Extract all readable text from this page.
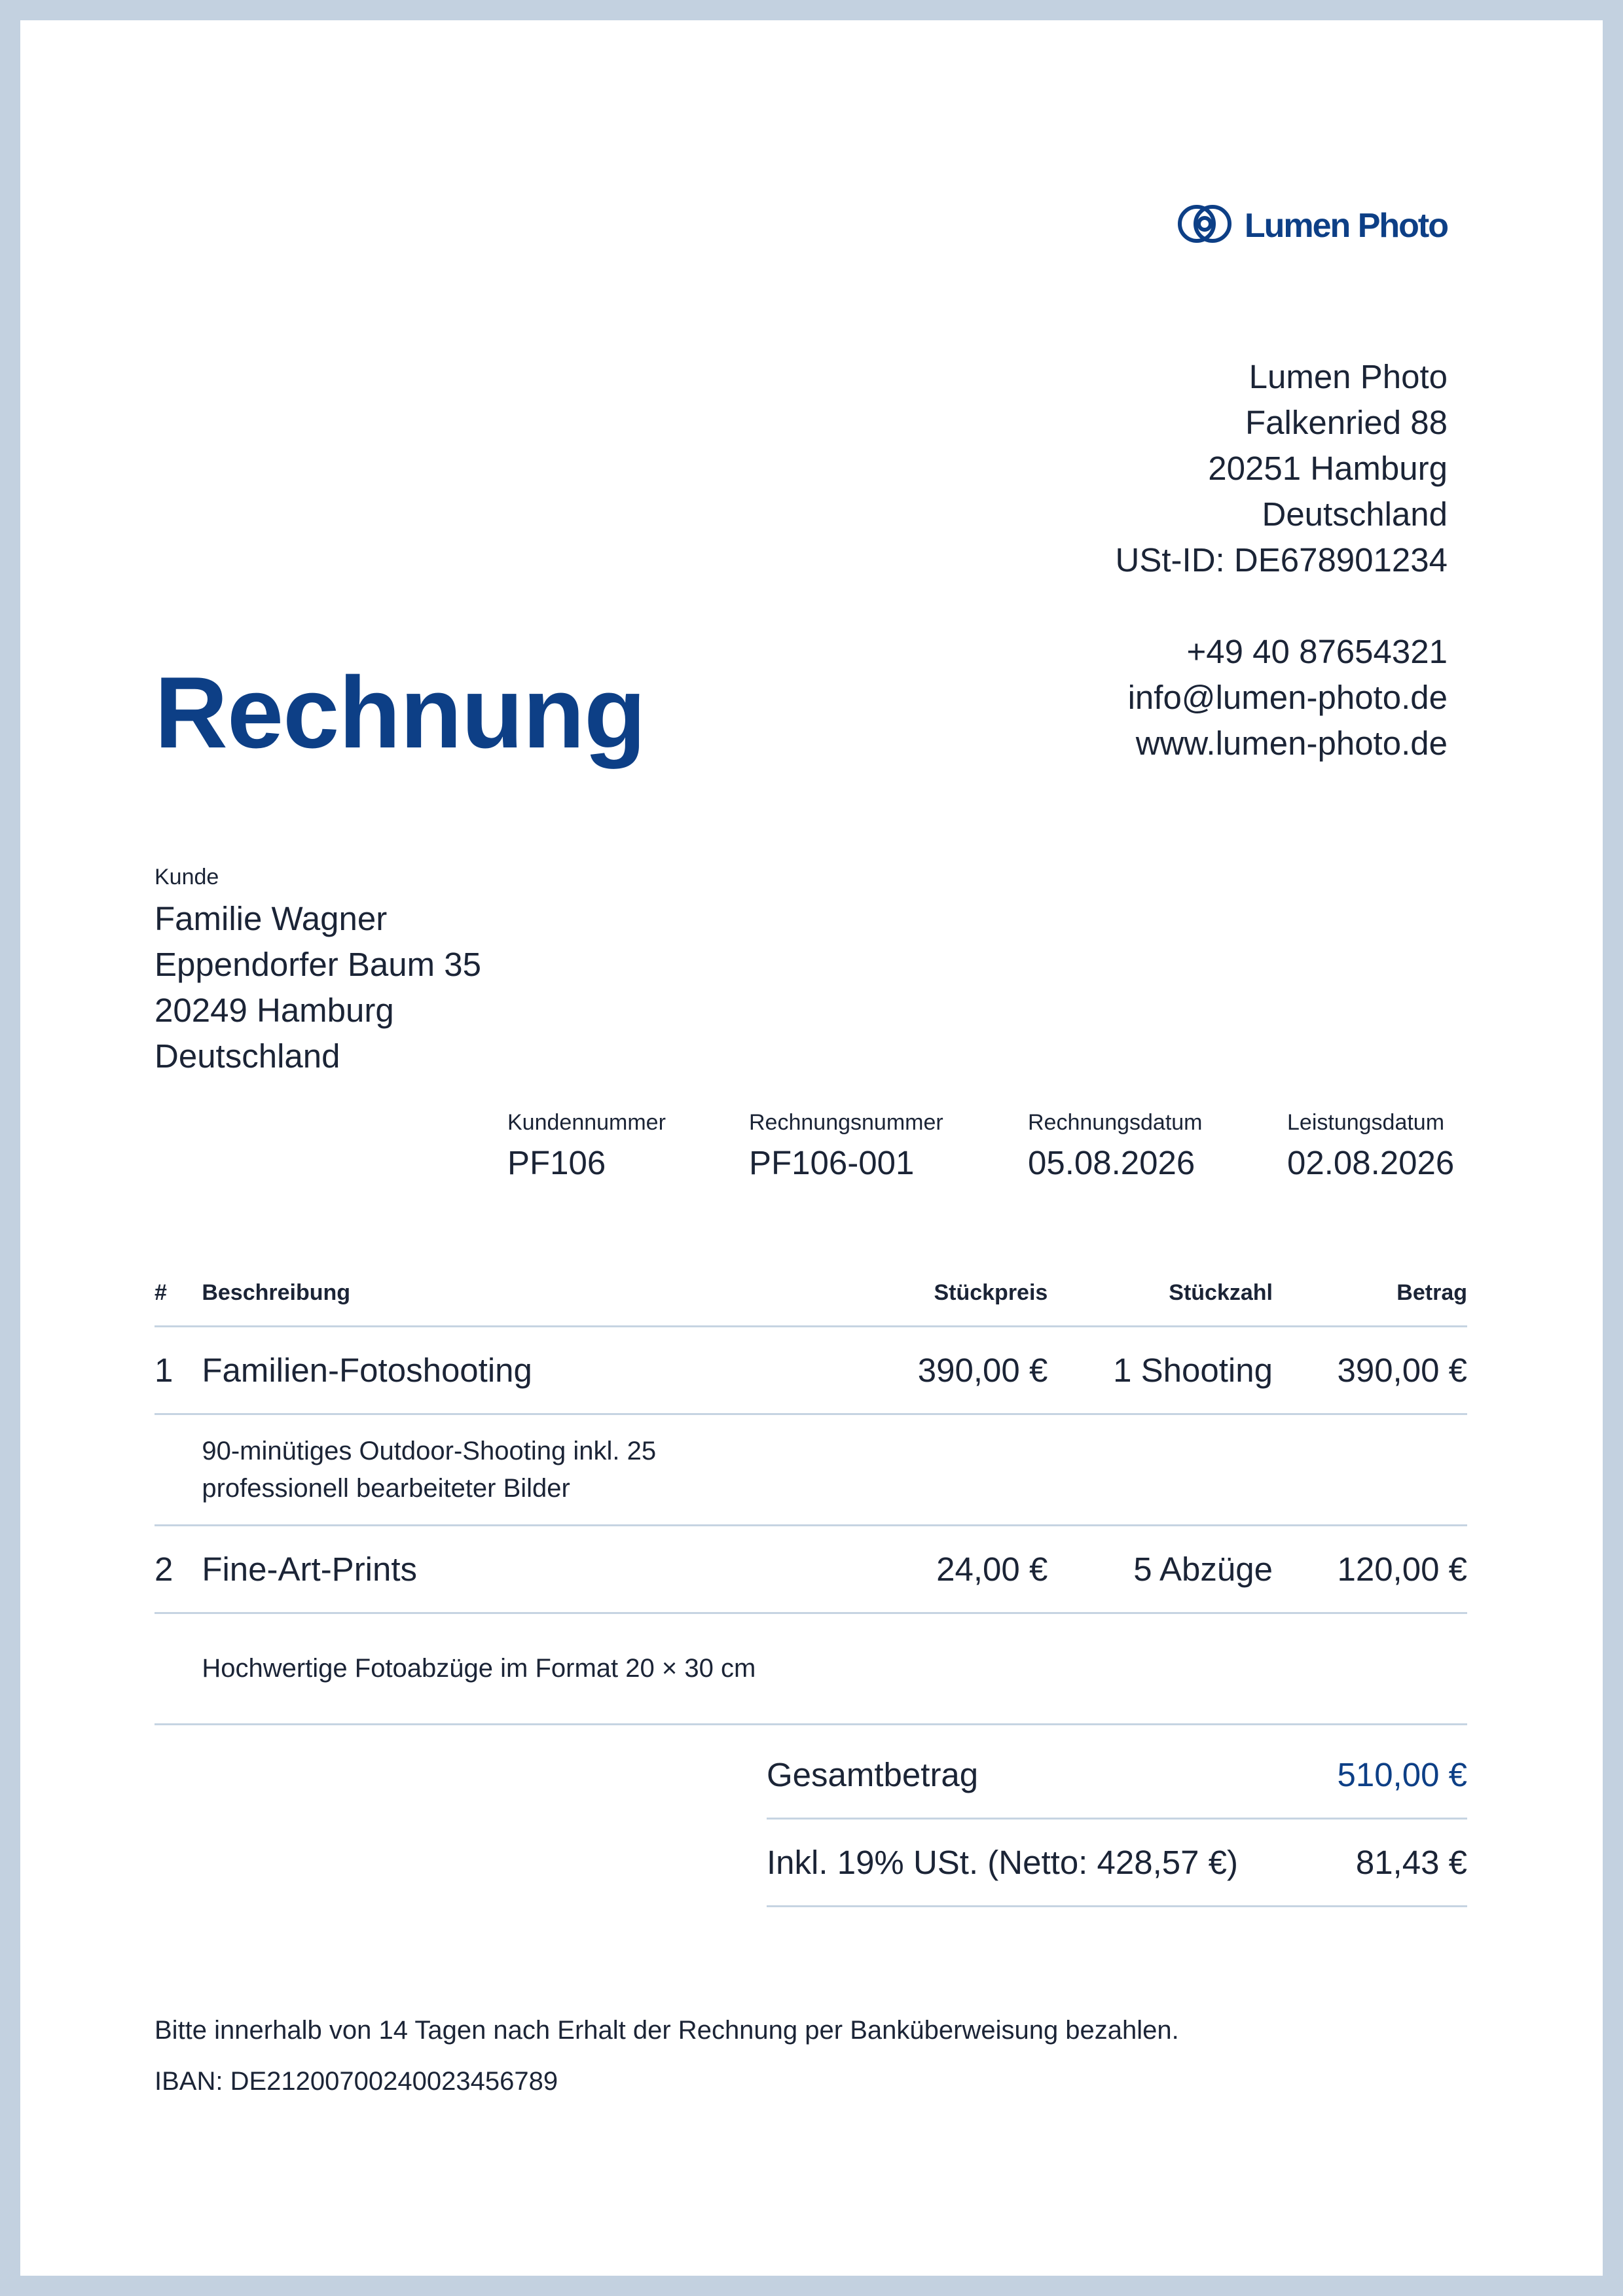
Lumen Photo
Lumen Photo
Falkenried 88
20251 Hamburg
Deutschland
USt-ID: DE678901234
+49 40 87654321
info@lumen-photo.de
www.lumen-photo.de
Rechnung
Kunde
Familie Wagner
Eppendorfer Baum 35
20249 Hamburg
Deutschland
Kundennummer
PF106
Rechnungsnummer
PF106-001
Rechnungsdatum
05.08.2026
Leistungsdatum
02.08.2026
#	Beschreibung	Stückpreis	Stückzahl	Betrag
1	Familien-Fotoshooting	390,00 €	1 Shooting	390,00 €

	90-minütiges Outdoor-Shooting inkl. 25 professionell bearbeiteter Bilder			

2	Fine-Art-Prints	24,00 €	5 Abzüge	120,00 €

	Hochwertige Fotoabzüge im Format 20 × 30 cm			

Gesamtbetrag	510,00 €
Inkl. 19% USt. (Netto: 428,57 €)	81,43 €
Bitte innerhalb von 14 Tagen nach Erhalt der Rechnung per Banküberweisung bezahlen.
IBAN: DE21200700240023456789
